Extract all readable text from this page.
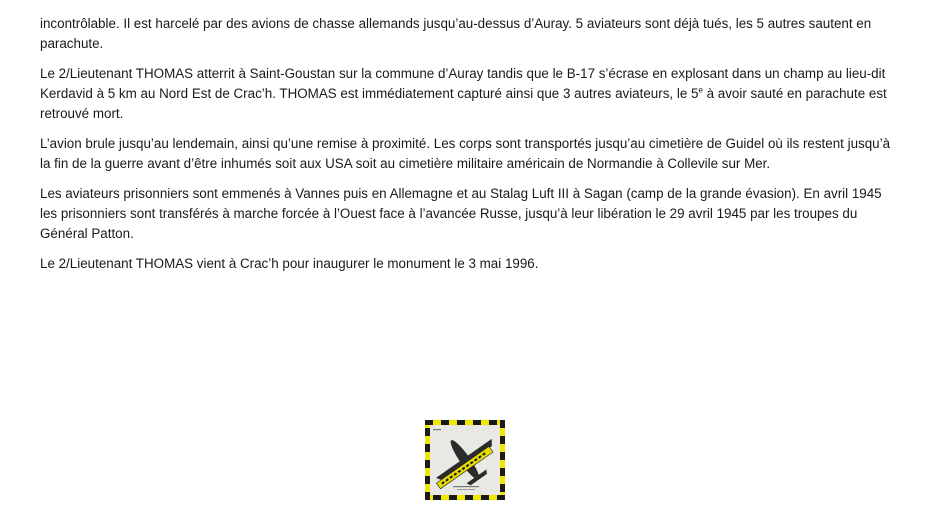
incontrôlable. Il est harcelé par des avions de chasse allemands jusqu’au-dessus d’Auray. 5 aviateurs sont déjà tués, les 5 autres sautent en parachute.

Le 2/Lieutenant THOMAS atterrit à Saint-Goustan sur la commune d’Auray tandis que le B-17 s’écrase en explosant dans un champ au lieu-dit Kerdavid à 5 km au Nord Est de Crac’h. THOMAS est immédiatement capturé ainsi que 3 autres aviateurs, le 5e à avoir sauté en parachute est retrouvé mort.

L’avion brule jusqu’au lendemain, ainsi qu’une remise à proximité. Les corps sont transportés jusqu’au cimetière de Guidel où ils restent jusqu’à la fin de la guerre avant d’être inhumés soit aux USA soit au cimetière militaire américain de Normandie à Collevile sur Mer.

Les aviateurs prisonniers sont emmenés à Vannes puis en Allemagne et au Stalag Luft III à Sagan (camp de la grande évasion). En avril 1945 les prisonniers sont transférés à marche forcée à l’Ouest face à l’avancée Russe, jusqu’à leur libération le 29 avril 1945 par les troupes du Général Patton.

Le 2/Lieutenant THOMAS vient à Crac’h pour inaugurer le monument le 3 mai 1996.
